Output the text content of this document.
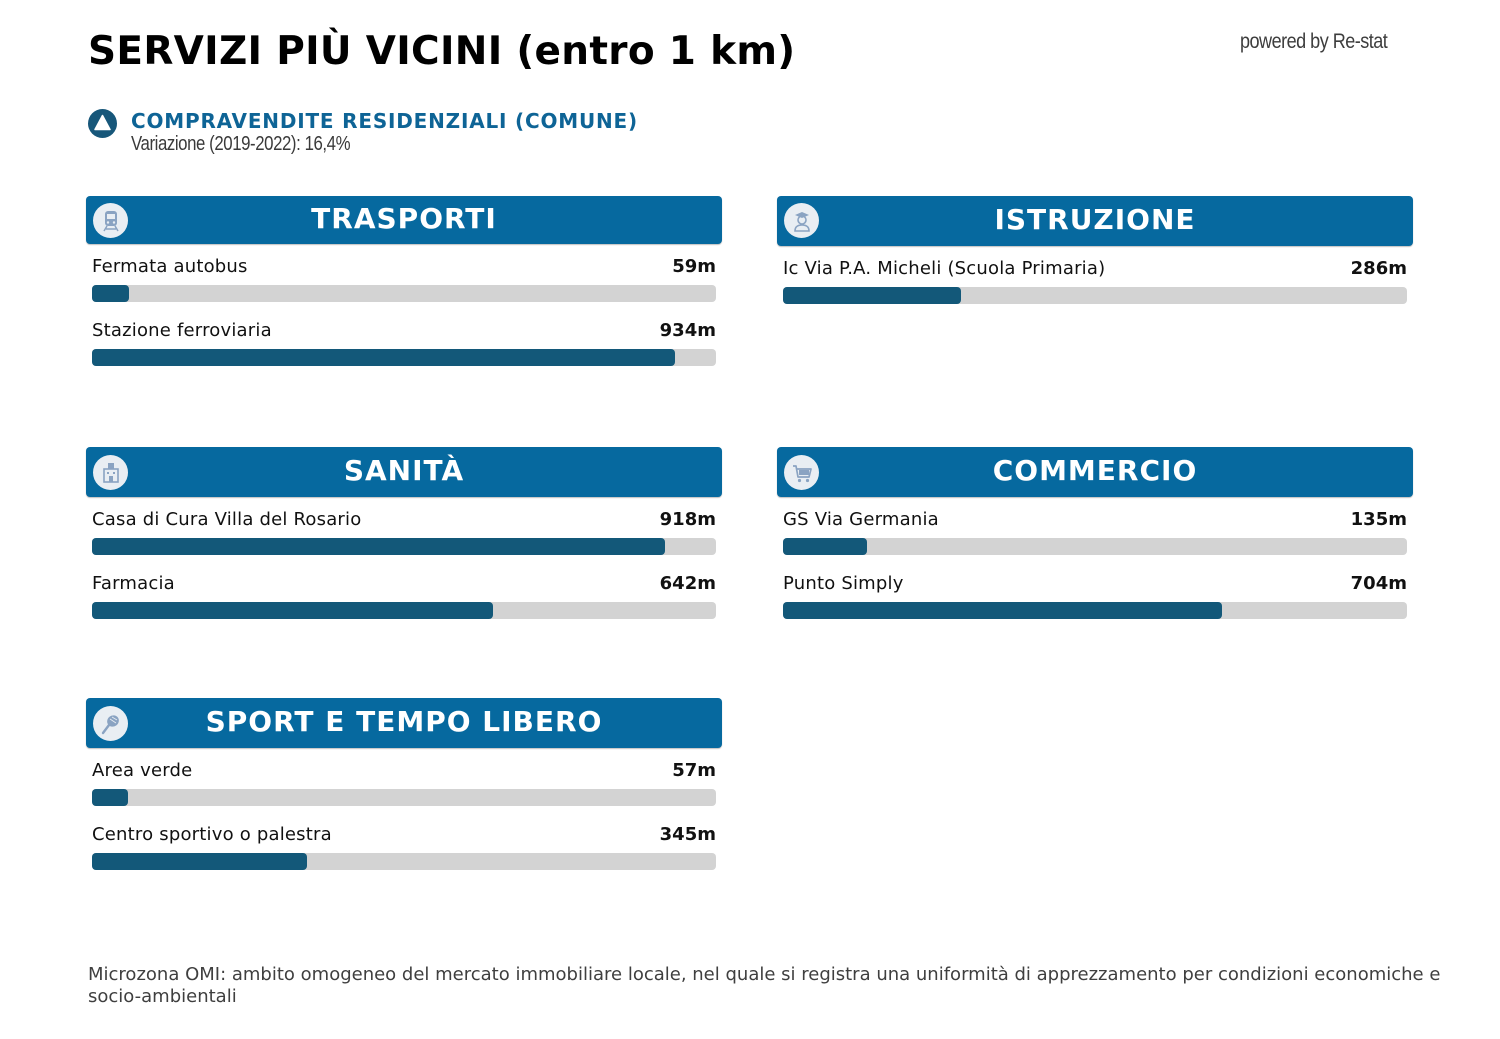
SERVIZI PIÙ VICINI (entro 1 km)	powered by Re-stat
COMPRAVENDITE RESIDENZIALI (COMUNE)
Variazione (2019-2022): 16,4%
TRASPORTI
Fermata autobus	59m
Stazione ferroviaria	934m
ISTRUZIONE
Ic Via P.A. Micheli (Scuola Primaria)	286m
SANITÀ
Casa di Cura Villa del Rosario	918m
Farmacia	642m
COMMERCIO
GS Via Germania	135m
Punto Simply	704m
SPORT E TEMPO LIBERO
Area verde	57m
Centro sportivo o palestra	345m
Microzona OMI: ambito omogeneo del mercato immobiliare locale, nel quale si registra una uniformità di apprezzamento per condizioni economiche e socio-ambientali
